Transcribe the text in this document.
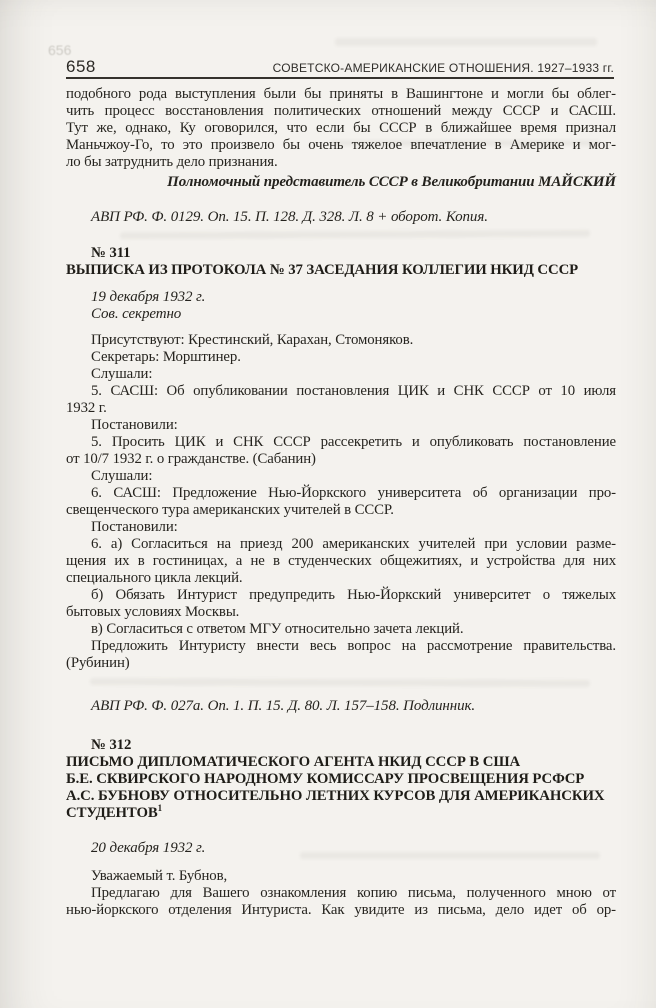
656
658	СОВЕТСКО-АМЕРИКАНСКИЕ ОТНОШЕНИЯ. 1927–1933 гг.
подобного рода выступления были бы приняты в Вашингтоне и могли бы облег-
чить процесс восстановления политических отношений между СССР и САСШ.
Тут же, однако, Ку оговорился, что если бы СССР в ближайшее время признал
Маньчжоу-Го, то это произвело бы очень тяжелое впечатление в Америке и мог-
ло бы затруднить дело признания.
Полномочный представитель СССР в Великобритании МАЙСКИЙ
АВП РФ. Ф. 0129. Оп. 15. П. 128. Д. 328. Л. 8 + оборот. Копия.
№ 311
ВЫПИСКА ИЗ ПРОТОКОЛА № 37 ЗАСЕДАНИЯ КОЛЛЕГИИ НКИД СССР
19 декабря 1932 г.
Сов. секретно
Присутствуют: Крестинский, Карахан, Стомоняков.
Секретарь: Морштинер.
Слушали:
5. САСШ: Об опубликовании постановления ЦИК и СНК СССР от 10 июля
1932 г.
Постановили:
5. Просить ЦИК и СНК СССР рассекретить и опубликовать постановление
от 10/7 1932 г. о гражданстве. (Сабанин)
Слушали:
6. САСШ: Предложение Нью-Йоркского университета об организации про-
свещенческого тура американских учителей в СССР.
Постановили:
6. а) Согласиться на приезд 200 американских учителей при условии разме-
щения их в гостиницах, а не в студенческих общежитиях, и устройства для них
специального цикла лекций.
б) Обязать Интурист предупредить Нью-Йоркский университет о тяжелых
бытовых условиях Москвы.
в) Согласиться с ответом МГУ относительно зачета лекций.
Предложить Интуристу внести весь вопрос на рассмотрение правительства.
(Рубинин)
АВП РФ. Ф. 027а. Оп. 1. П. 15. Д. 80. Л. 157–158. Подлинник.
№ 312
ПИСЬМО ДИПЛОМАТИЧЕСКОГО АГЕНТА НКИД СССР В США
Б.Е. СКВИРСКОГО НАРОДНОМУ КОМИССАРУ ПРОСВЕЩЕНИЯ РСФСР
А.С. БУБНОВУ ОТНОСИТЕЛЬНО ЛЕТНИХ КУРСОВ ДЛЯ АМЕРИКАНСКИХ
СТУДЕНТОВ$^1$
20 декабря 1932 г.
Уважаемый т. Бубнов,
Предлагаю для Вашего ознакомления копию письма, полученного мною от
нью-йоркского отделения Интуриста. Как увидите из письма, дело идет об ор-
